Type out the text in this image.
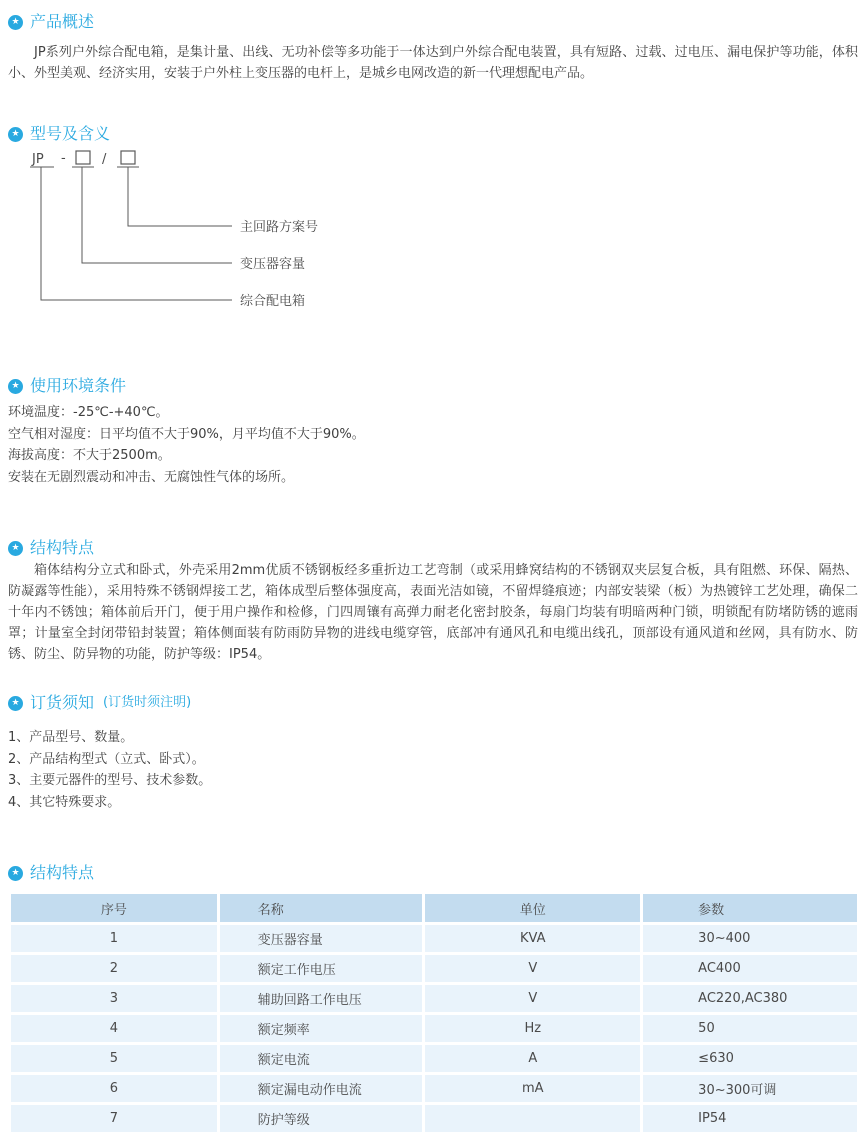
★
产品概述

JP系列户外综合配电箱，是集计量、出线、无功补偿等多功能于一体达到户外综合配电装置，具有短路、过载、过电压、漏电保护等功能，体积小、外型美观、经济实用，安装于户外柱上变压器的电杆上，是城乡电网改造的新一代理想配电产品。

★
型号及含义
JP -	/
主回路方案号
变压器容量
综合配电箱
★
使用环境条件
环境温度：-25℃-+40℃。
空气相对湿度：日平均值不大于90%，月平均值不大于90%。
海拔高度：不大于2500m。
安装在无剧烈震动和冲击、无腐蚀性气体的场所。
★
结构特点

箱体结构分立式和卧式，外壳采用2mm优质不锈钢板经多重折边工艺弯制（或采用蜂窝结构的不锈钢双夹层复合板，具有阻燃、环保、隔热、防凝露等性能），采用特殊不锈钢焊接工艺，箱体成型后整体强度高，表面光洁如镜，不留焊缝痕迹；内部安装梁（板）为热镀锌工艺处理，确保二十年内不锈蚀；箱体前后开门，便于用户操作和检修，门四周镶有高弹力耐老化密封胶条，每扇门均装有明暗两种门锁，明锁配有防堵防锈的遮雨罩；计量室全封闭带铅封装置；箱体侧面装有防雨防异物的进线电缆穿管，底部冲有通风孔和电缆出线孔，顶部设有通风道和丝网，具有防水、防锈、防尘、防异物的功能，防护等级：IP54。

★
订货须知 (订货时须注明)
1、产品型号、数量。
2、产品结构型式（立式、卧式）。
3、主要元器件的型号、技术参数。
4、其它特殊要求。
★
结构特点
序号	名称	单位	参数
1	变压器容量	KVA	30~400
2	额定工作电压	V	AC400
3	辅助回路工作电压	V	AC220,AC380
4	额定频率	Hz	50
5	额定电流	A	≤630
6	额定漏电动作电流	mA	30~300可调
7	防护等级		IP54
